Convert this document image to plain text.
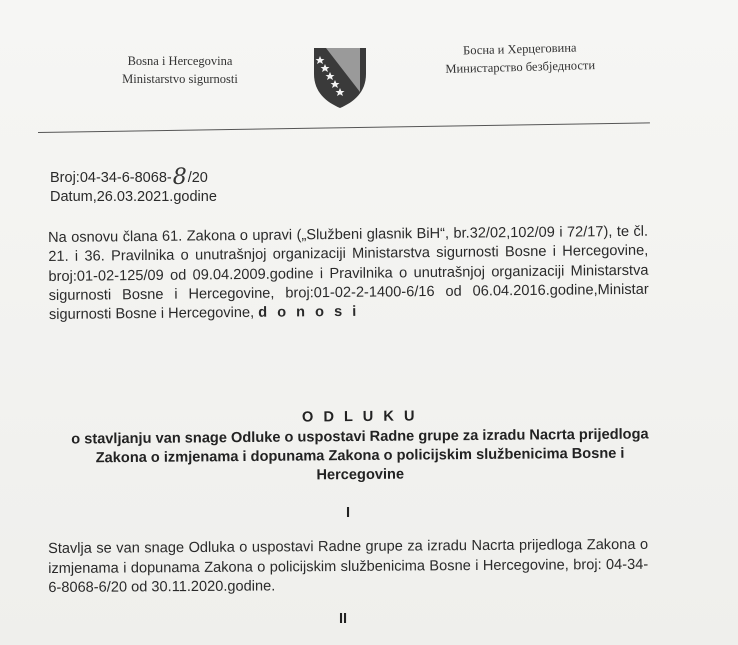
Bosna i Hercegovina
Ministarstvo sigurnosti
Босна и Херцеговина
Министарство безбједности
Broj:04-34-6-8068-8/20
Datum,26.03.2021.godine
Na osnovu člana 61. Zakona o upravi („Službeni glasnik BiH“, br.32/02,102/09 i 72/17), te čl. 21. i 36. Pravilnika o unutrašnjoj organizaciji Ministarstva sigurnosti Bosne i Hercegovine, broj:01-02-125/09 od 09.04.2009.godine i Pravilnika o unutrašnjoj organizaciji Ministarstva sigurnosti Bosne i Hercegovine, broj:01-02-2-1400-6/16 od 06.04.2016.godine,Ministar sigurnosti Bosne i Hercegovine, d o n o s i
O D L U K U
o stavljanju van snage Odluke o uspostavi Radne grupe za izradu Nacrta prijedloga Zakona o izmjenama i dopunama Zakona o policijskim službenicima Bosne i Hercegovine
I
Stavlja se van snage Odluka o uspostavi Radne grupe za izradu Nacrta prijedloga Zakona o izmjenama i dopunama Zakona o policijskim službenicima Bosne i Hercegovine, broj: 04-34-6-8068-6/20 od 30.11.2020.godine.
II
